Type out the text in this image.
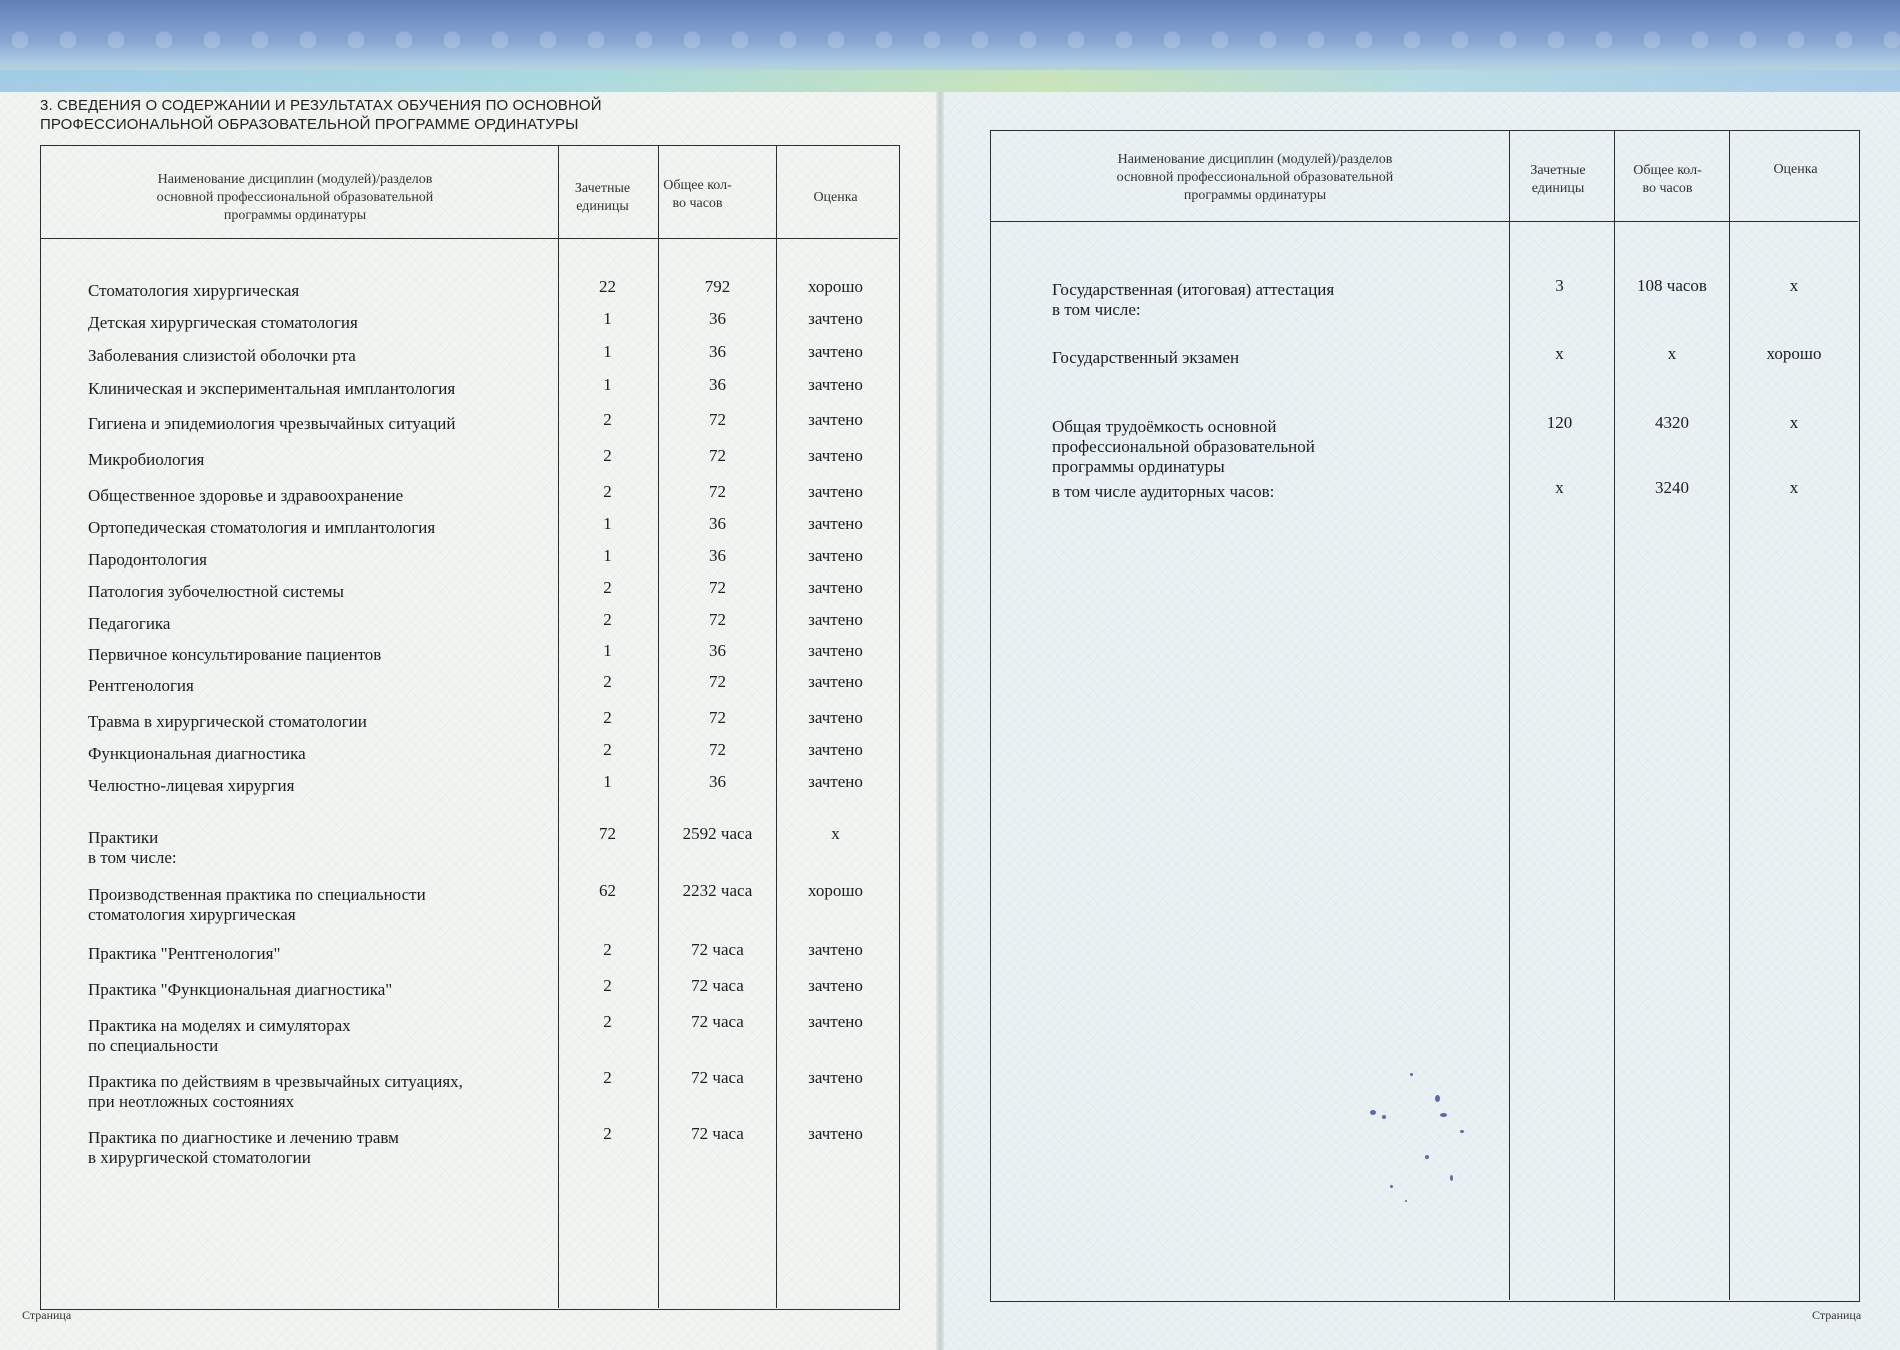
3. СВЕДЕНИЯ О СОДЕРЖАНИИ И РЕЗУЛЬТАТАХ ОБУЧЕНИЯ ПО ОСНОВНОЙ ПРОФЕССИОНАЛЬНОЙ ОБРАЗОВАТЕЛЬНОЙ ПРОГРАММЕ ОРДИНАТУРЫ
Наименование дисциплин (модулей)/разделов основной профессиональной образовательной программы ординатуры
Зачетные единицы
Общее кол-во часов	Оценка
Стоматология хирургическая	22	792	хорошо
Детская хирургическая стоматология	1	36	зачтено
Заболевания слизистой оболочки рта	1	36	зачтено
Клиническая и экспериментальная имплантология	1	36	зачтено
Гигиена и эпидемиология чрезвычайных ситуаций	2	72	зачтено
Микробиология	2	72	зачтено
Общественное здоровье и здравоохранение	2	72	зачтено
Ортопедическая стоматология и имплантология	1	36	зачтено
Пародонтология	1	36	зачтено
Патология зубочелюстной системы	2	72	зачтено
Педагогика	2	72	зачтено
Первичное консультирование пациентов	1	36	зачтено
Рентгенология	2	72	зачтено
Травма в хирургической стоматологии	2	72	зачтено
Функциональная диагностика	2	72	зачтено
Челюстно-лицевая хирургия	1	36	зачтено
Практики
в том числе:
72	2592 часа	х
Производственная практика по специальности
стоматология хирургическая
62	2232 часа	хорошо
Практика "Рентгенология"	2	72 часа	зачтено
Практика "Функциональная диагностика"	2	72 часа	зачтено
Практика на моделях и симуляторах
по специальности
2	72 часа	зачтено
Практика по действиям в чрезвычайных ситуациях,
при неотложных состояниях
2	72 часа	зачтено
Практика по диагностике и лечению травм
в хирургической стоматологии
2	72 часа	зачтено
Наименование дисциплин (модулей)/разделов основной профессиональной образовательной программы ординатуры
Зачетные единицы
Общее кол-во часов
Оценка
Государственная (итоговая) аттестация
в том числе:
3	108 часов	х
Государственный экзамен	х	х	хорошо
Общая трудоёмкость основной
профессиональной образовательной
программы ординатуры
120	4320	х
в том числе аудиторных часов:	х	3240	х
Страница	Страница
